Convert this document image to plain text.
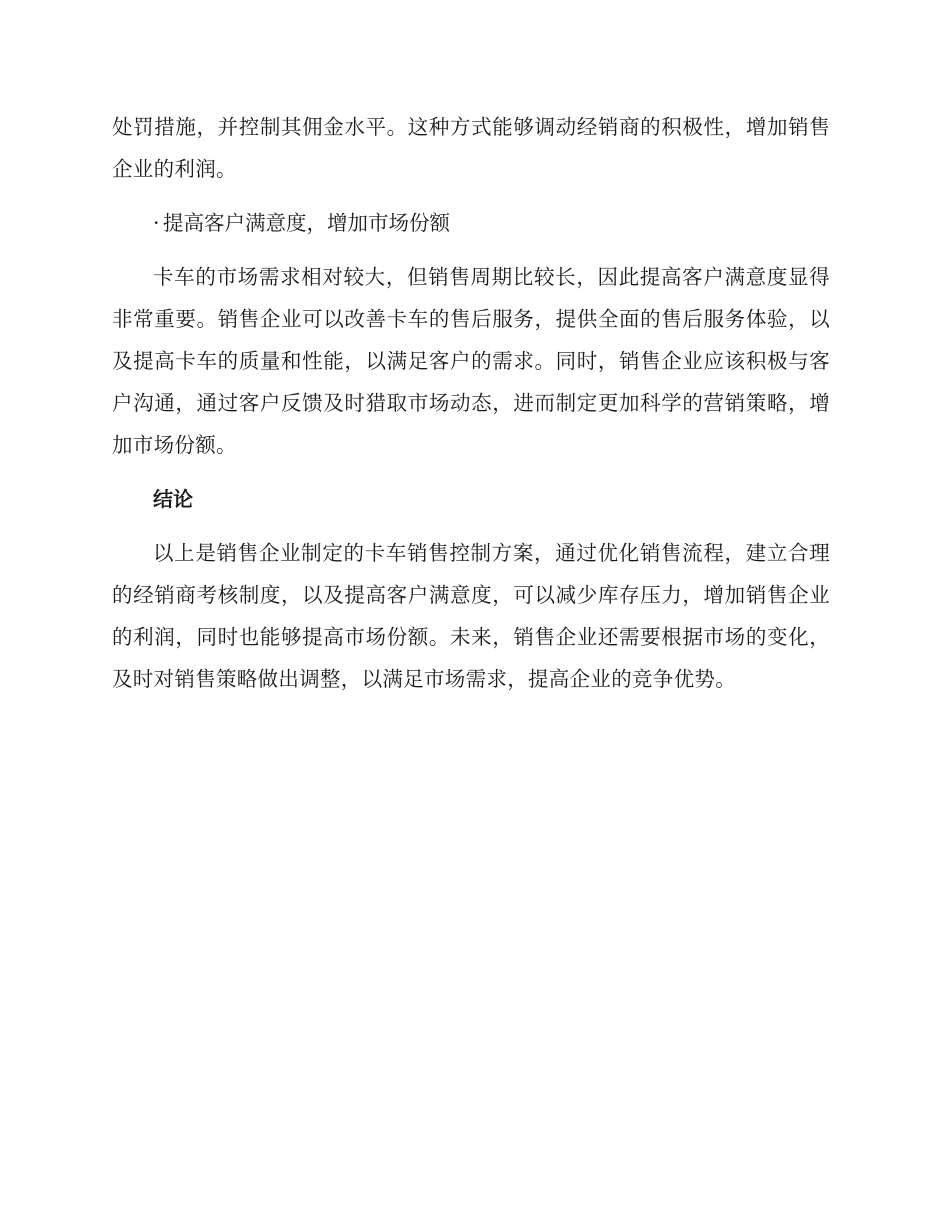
处罚措施，并控制其佣金水平。这种方式能够调动经销商的积极性，增加销售企业的利润。

· 提高客户满意度，增加市场份额

卡车的市场需求相对较大，但销售周期比较长，因此提高客户满意度显得非常重要。销售企业可以改善卡车的售后服务，提供全面的售后服务体验，以及提高卡车的质量和性能，以满足客户的需求。同时，销售企业应该积极与客户沟通，通过客户反馈及时猎取市场动态，进而制定更加科学的营销策略，增加市场份额。

结论

以上是销售企业制定的卡车销售控制方案，通过优化销售流程，建立合理的经销商考核制度，以及提高客户满意度，可以减少库存压力，增加销售企业的利润，同时也能够提高市场份额。未来，销售企业还需要根据市场的变化，及时对销售策略做出调整，以满足市场需求，提高企业的竞争优势。
